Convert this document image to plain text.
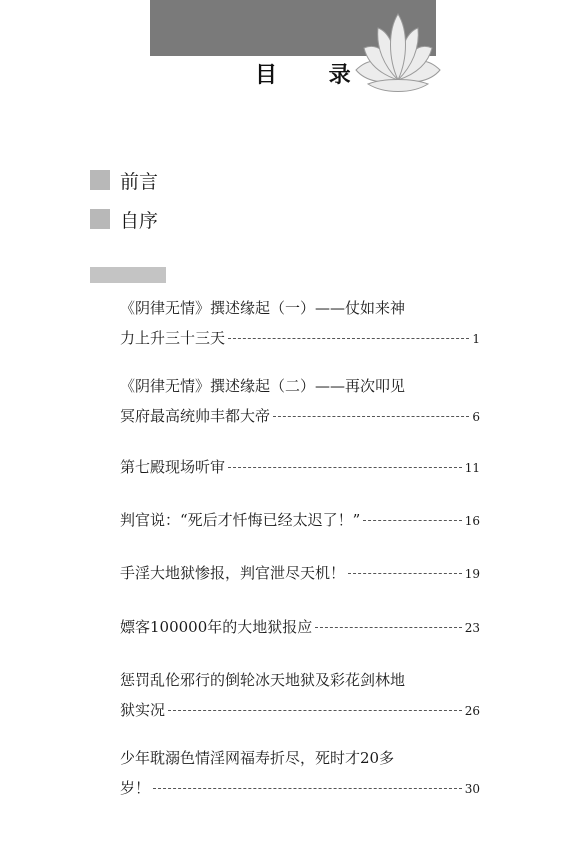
目 录
前言
自序
《阴律无情》撰述缘起（一）——仗如来神
力上升三十三天	1
《阴律无情》撰述缘起（二）——再次叩见
冥府最高统帅丰都大帝	6
第七殿现场听审	11
判官说：“死后才忏悔已经太迟了！”	16
手淫大地狱惨报，判官泄尽天机！	19
嫖客100000年的大地狱报应	23
惩罚乱伦邪行的倒轮冰天地狱及彩花剑林地
狱实况	26
少年耽溺色情淫网福寿折尽，死时才20多
岁！	30
